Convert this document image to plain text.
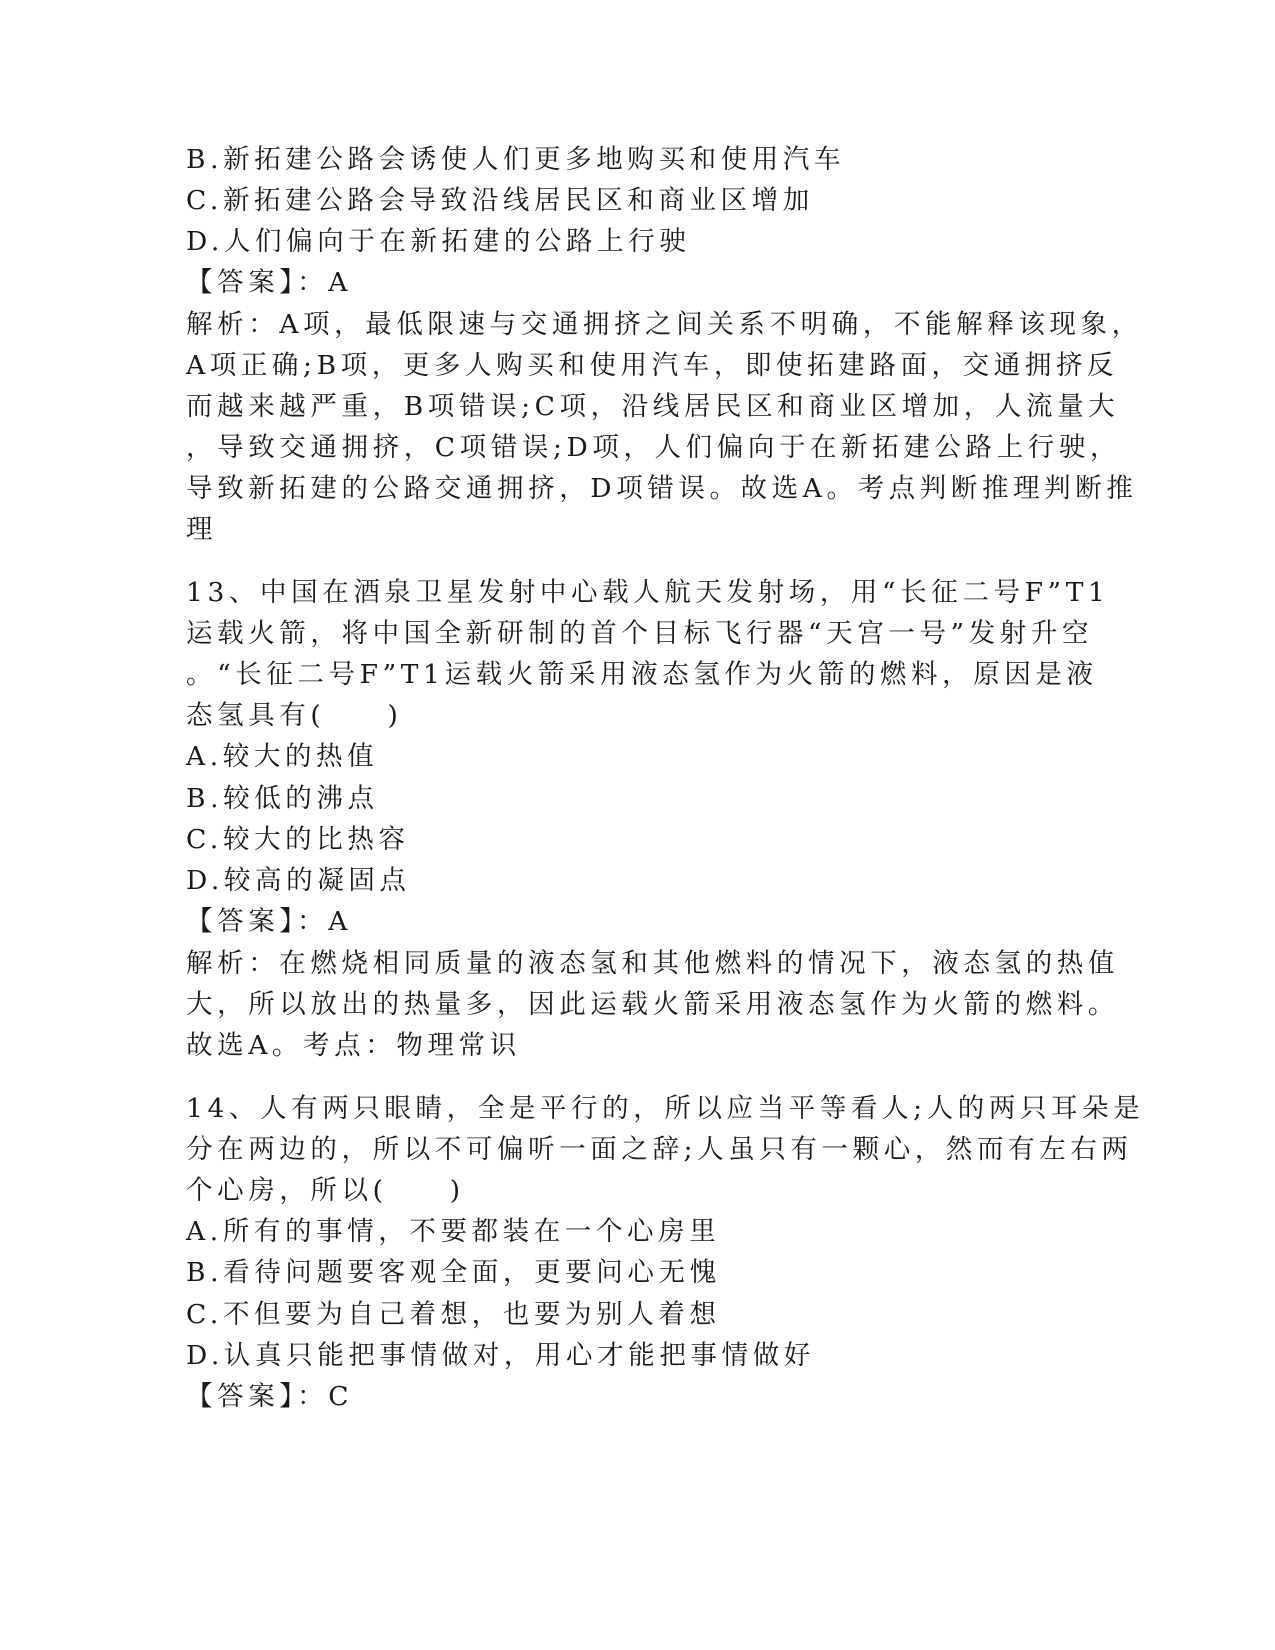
B.新拓建公路会诱使人们更多地购买和使用汽车
C.新拓建公路会导致沿线居民区和商业区增加
D.人们偏向于在新拓建的公路上行驶
【答案】：A
解析：A项，最低限速与交通拥挤之间关系不明确，不能解释该现象，
A项正确;B项，更多人购买和使用汽车，即使拓建路面，交通拥挤反
而越来越严重，B项错误;C项，沿线居民区和商业区增加，人流量大
，导致交通拥挤，C项错误;D项，人们偏向于在新拓建公路上行驶，
导致新拓建的公路交通拥挤，D项错误。故选A。考点判断推理判断推
理
13、中国在酒泉卫星发射中心载人航天发射场，用“长征二号F”T1
运载火箭，将中国全新研制的首个目标飞行器“天宫一号”发射升空
。“长征二号F”T1运载火箭采用液态氢作为火箭的燃料，原因是液
态氢具有(　　)
A.较大的热值
B.较低的沸点
C.较大的比热容
D.较高的凝固点
【答案】：A
解析：在燃烧相同质量的液态氢和其他燃料的情况下，液态氢的热值
大，所以放出的热量多，因此运载火箭采用液态氢作为火箭的燃料。
故选A。考点：物理常识
14、人有两只眼睛，全是平行的，所以应当平等看人;人的两只耳朵是
分在两边的，所以不可偏听一面之辞;人虽只有一颗心，然而有左右两
个心房，所以(　　)
A.所有的事情，不要都装在一个心房里
B.看待问题要客观全面，更要问心无愧
C.不但要为自己着想，也要为别人着想
D.认真只能把事情做对，用心才能把事情做好
【答案】：C
